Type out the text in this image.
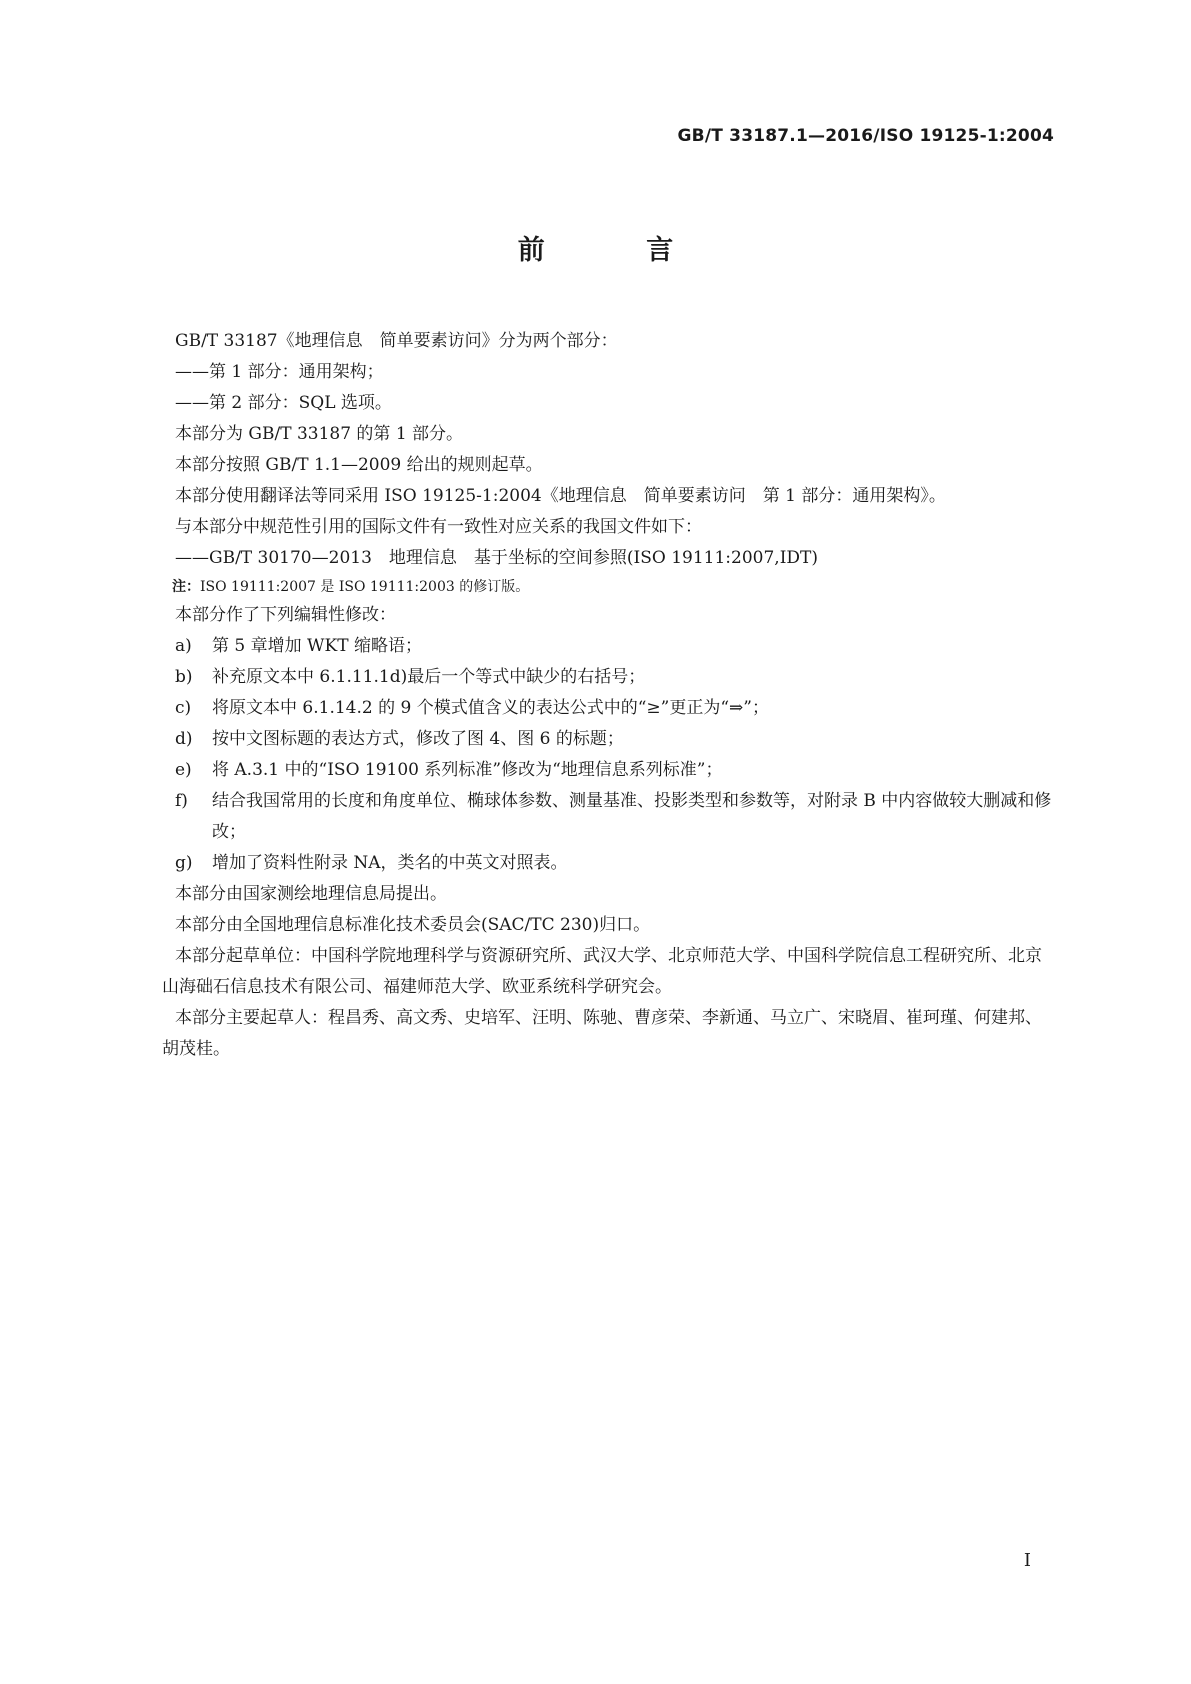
GB/T 33187.1—2016/ISO 19125-1:2004
前 言
GB/T 33187《地理信息　简单要素访问》分为两个部分：
——第 1 部分：通用架构；
——第 2 部分：SQL 选项。
本部分为 GB/T 33187 的第 1 部分。
本部分按照 GB/T 1.1—2009 给出的规则起草。
本部分使用翻译法等同采用 ISO 19125-1:2004《地理信息　简单要素访问　第 1 部分：通用架构》。
与本部分中规范性引用的国际文件有一致性对应关系的我国文件如下：
——GB/T 30170—2013　地理信息　基于坐标的空间参照(ISO 19111:2007,IDT)
注：ISO 19111:2007 是 ISO 19111:2003 的修订版。
本部分作了下列编辑性修改：
a)	第 5 章增加 WKT 缩略语；
b)	补充原文本中 6.1.11.1d)最后一个等式中缺少的右括号；
c)	将原文本中 6.1.14.2 的 9 个模式值含义的表达公式中的“≥”更正为“⇒”；
d)	按中文图标题的表达方式，修改了图 4、图 6 的标题；
e)	将 A.3.1 中的“ISO 19100 系列标准”修改为“地理信息系列标准”；
f)	结合我国常用的长度和角度单位、椭球体参数、测量基准、投影类型和参数等，对附录 B 中内容做较大删减和修改；
g)	增加了资料性附录 NA，类名的中英文对照表。
本部分由国家测绘地理信息局提出。
本部分由全国地理信息标准化技术委员会(SAC/TC 230)归口。
本部分起草单位：中国科学院地理科学与资源研究所、武汉大学、北京师范大学、中国科学院信息工程研究所、北京山海础石信息技术有限公司、福建师范大学、欧亚系统科学研究会。
本部分主要起草人：程昌秀、高文秀、史培军、汪明、陈驰、曹彦荣、李新通、马立广、宋晓眉、崔珂瑾、何建邦、胡茂桂。
I
